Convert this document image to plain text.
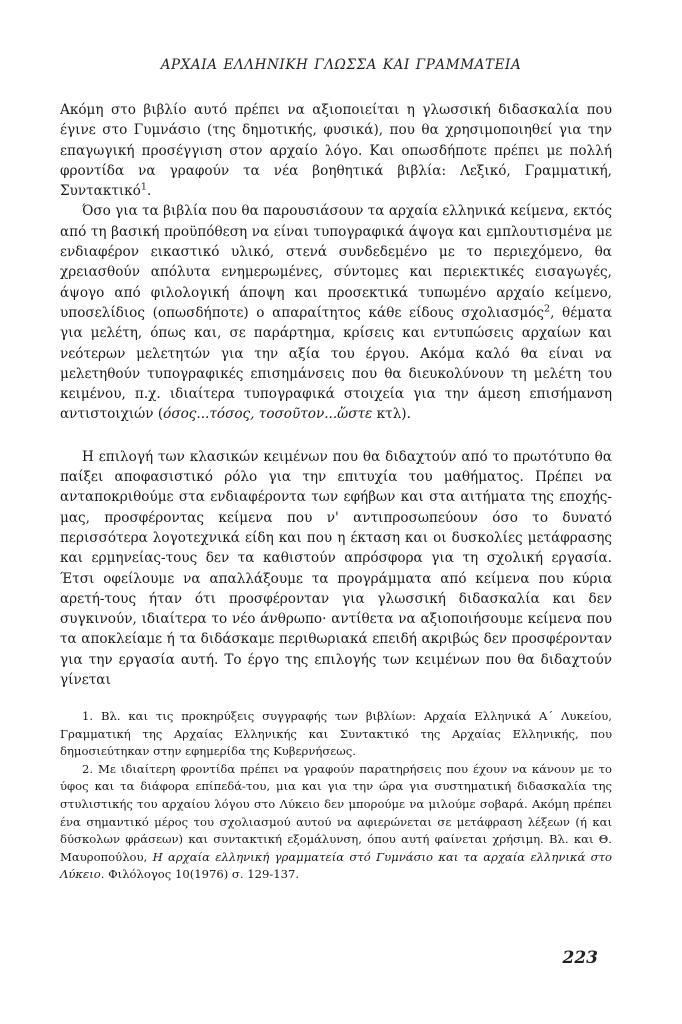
ΑΡΧΑΙΑ ΕΛΛΗΝΙΚΗ ΓΛΩΣΣΑ ΚΑΙ ΓΡΑΜΜΑΤΕΙΑ

Ακόμη στο βιβλίο αυτό πρέπει να αξιοποιείται η γλωσσική διδασκαλία που έγινε στο Γυμνάσιο (της δημοτικής, φυσικά), που θα χρησιμοποιηθεί για την επαγωγική προσέγγιση στον αρχαίο λόγο. Και οπωσδήποτε πρέπει με πολλή φροντίδα να γραφούν τα νέα βοηθητικά βιβλία: Λεξικό, Γραμματική, Συντακτικό$^1$.

Όσο για τα βιβλία που θα παρουσιάσουν τα αρχαία ελληνικά κείμενα, εκτός από τη βασική προϋπόθεση να είναι τυπογραφικά άψογα και εμπλουτισμένα με ενδιαφέρον εικαστικό υλικό, στενά συνδεδεμένο με το περιεχόμενο, θα χρειασθούν απόλυτα ενημερωμένες, σύντομες και περιεκτικές εισαγωγές, άψογο από φιλολογική άποψη και προσεκτικά τυπωμένο αρχαίο κείμενο, υποσελίδιος (οπωσδήποτε) ο απαραίτητος κάθε είδους σχολιασμός$^2$, θέματα για μελέτη, όπως και, σε παράρτημα, κρίσεις και εντυπώσεις αρχαίων και νεότερων μελετητών για την αξία του έργου. Ακόμα καλό θα είναι να μελετηθούν τυπογραφικές επισημάνσεις που θα διευκολύνουν τη μελέτη του κειμένου, π.χ. ιδιαίτερα τυπογραφικά στοιχεία για την άμεση επισήμανση αντιστοιχιών (όσος...τόσος, τοσοῦτον...ὥστε κτλ).

Η επιλογή των κλασικών κειμένων που θα διδαχτούν από το πρωτότυπο θα παίξει αποφασιστικό ρόλο για την επιτυχία του μαθήματος. Πρέπει να ανταποκριθούμε στα ενδιαφέροντα των εφήβων και στα αιτήματα της εποχής-μας, προσφέροντας κείμενα που ν' αντιπροσωπεύουν όσο το δυνατό περισσότερα λογοτεχνικά είδη και που η έκταση και οι δυσκολίες μετάφρασης και ερμηνείας-τους δεν τα καθιστούν απρόσφορα για τη σχολική εργασία. Έτσι οφείλουμε να απαλλάξουμε τα προγράμματα από κείμενα που κύρια αρετή-τους ήταν ότι προσφέρονταν για γλωσσική διδασκαλία και δεν συγκινούν, ιδιαίτερα το νέο άνθρωπο· αντίθετα να αξιοποιήσουμε κείμενα που τα αποκλείαμε ή τα διδάσκαμε περιθωριακά επειδή ακριβώς δεν προσφέρονταν για την εργασία αυτή. Το έργο της επιλογής των κειμένων που θα διδαχτούν γίνεται

1. Βλ. και τις προκηρύξεις συγγραφής των βιβλίων: Αρχαία Ελληνικά Α΄ Λυκείου, Γραμματική της Αρχαίας Ελληνικής και Συντακτικό της Αρχαίας Ελληνικής, που δημοσιεύτηκαν στην εφημερίδα της Κυβερνήσεως.

2. Με ιδιαίτερη φροντίδα πρέπει να γραφούν παρατηρήσεις που έχουν να κάνουν με το ύφος και τα διάφορα επίπεδά-του, μια και για την ώρα για συστηματική διδασκαλία της στυλιστικής του αρχαίου λόγου στο Λύκειο δεν μπορούμε να μιλούμε σοβαρά. Ακόμη πρέπει ένα σημαντικό μέρος του σχολιασμού αυτού να αφιερώνεται σε μετάφραση λέξεων (ή και δύσκολων φράσεων) και συντακτική εξομάλυνση, όπου αυτή φαίνεται χρήσιμη. Βλ. και Θ. Μαυροπούλου, Η αρχαία ελληνική γραμματεία στό Γυμνάσιο και τα αρχαία ελληνικά στο Λύκειο. Φιλόλογος 10(1976) σ. 129-137.

223
